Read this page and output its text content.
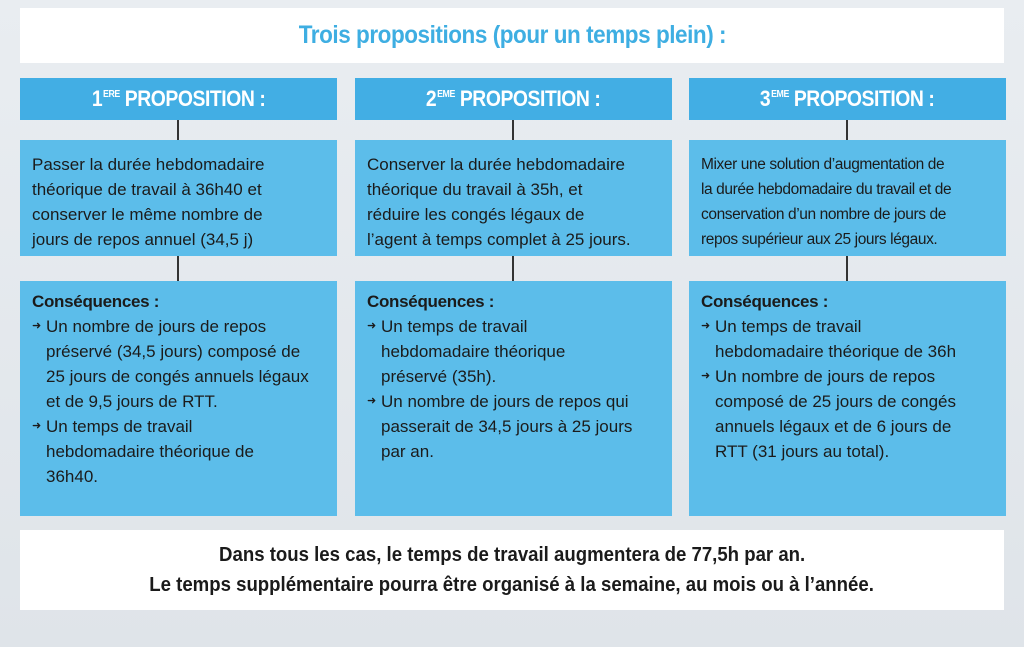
Trois propositions (pour un temps plein) :
1ERE PROPOSITION :
Passer la durée hebdomadaire
théorique de travail à 36h40 et
conserver le même nombre de
jours de repos annuel (34,5 j)
Conséquences :
➜ Un nombre de jours de repos
préservé (34,5 jours) composé de
25 jours de congés annuels légaux
et de 9,5 jours de RTT.
➜ Un temps de travail
hebdomadaire théorique de
36h40.
2EME PROPOSITION :
Conserver la durée hebdomadaire
théorique du travail à 35h, et
réduire les congés légaux de
l’agent à temps complet à 25 jours.
Conséquences :
➜ Un temps de travail
hebdomadaire théorique
préservé (35h).
➜ Un nombre de jours de repos qui
passerait de 34,5 jours à 25 jours
par an.
3EME PROPOSITION :
Mixer une solution d’augmentation de
la durée hebdomadaire du travail et de
conservation d’un nombre de jours de
repos supérieur aux 25 jours légaux.
Conséquences :
➜ Un temps de travail
hebdomadaire théorique de 36h
➜ Un nombre de jours de repos
composé de 25 jours de congés
annuels légaux et de 6 jours de
RTT (31 jours au total).
Dans tous les cas, le temps de travail augmentera de 77,5h par an.
Le temps supplémentaire pourra être organisé à la semaine, au mois ou à l’année.
